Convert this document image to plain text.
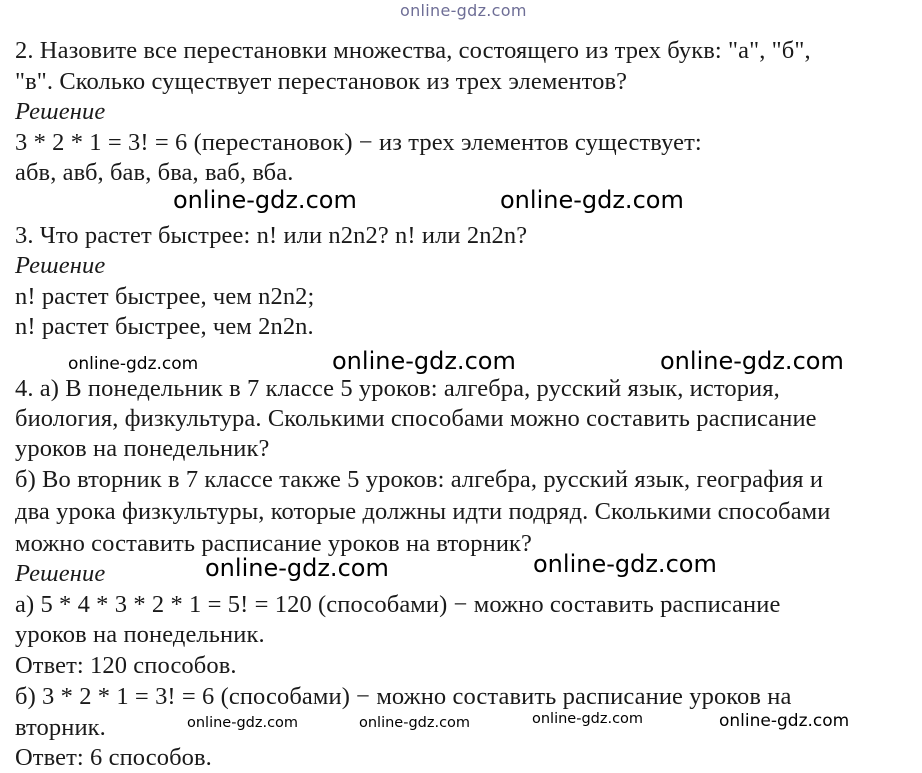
online-gdz.com
2. Назовите все перестановки множества, состоящего из трех букв: "а", "б",
"в". Сколько существует перестановок из трех элементов?
Решение
3 * 2 * 1 = 3! = 6 (перестановок) − из трех элементов существует:
абв, авб, бав, бва, ваб, вба.
online-gdz.com	online-gdz.com
3. Что растет быстрее: n! или n2n2? n! или 2n2n?
Решение
n! растет быстрее, чем n2n2;
n! растет быстрее, чем 2n2n.
online-gdz.com	online-gdz.com	online-gdz.com
4. а) В понедельник в 7 классе 5 уроков: алгебра, русский язык, история,
биология, физкультура. Сколькими способами можно составить расписание
уроков на понедельник?
б) Во вторник в 7 классе также 5 уроков: алгебра, русский язык, география и
два урока физкультуры, которые должны идти подряд. Сколькими способами
можно составить расписание уроков на вторник?
Решение	online-gdz.com	online-gdz.com
а) 5 * 4 * 3 * 2 * 1 = 5! = 120 (способами) − можно составить расписание
уроков на понедельник.
Ответ: 120 способов.
б) 3 * 2 * 1 = 3! = 6 (способами) − можно составить расписание уроков на
вторник.
Ответ: 6 способов.
online-gdz.com	online-gdz.com	online-gdz.com	online-gdz.com
